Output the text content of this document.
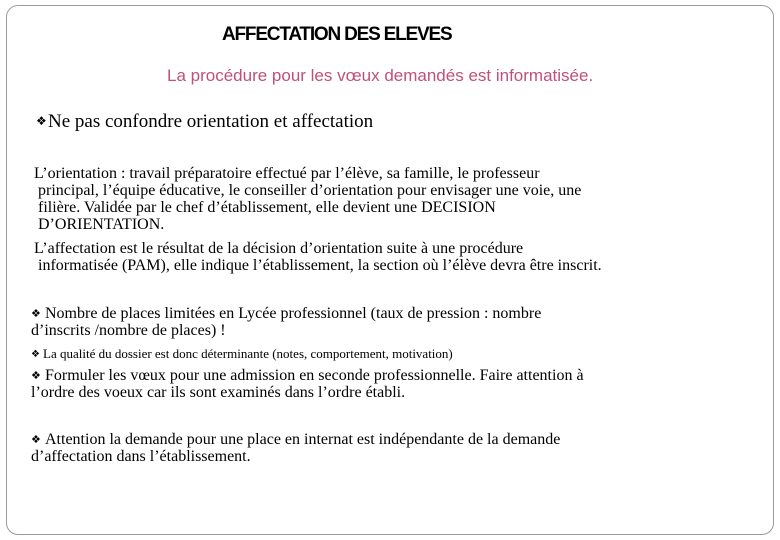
AFFECTATION DES ELEVES
La procédure pour les vœux demandés est informatisée.
❖Ne pas confondre orientation et affectation
L’orientation : travail préparatoire effectué par l’élève, sa famille, le professeur
principal, l’équipe éducative, le conseiller d’orientation pour envisager une voie, une
filière. Validée par le chef d’établissement, elle devient une DECISION
D’ORIENTATION.
L’affectation est le résultat de la décision d’orientation suite à une procédure
informatisée (PAM), elle indique l’établissement, la section où l’élève devra être inscrit.
❖ Nombre de places limitées en Lycée professionnel (taux de pression : nombre
d’inscrits /nombre de places) !
❖ La qualité du dossier est donc déterminante (notes, comportement, motivation)
❖ Formuler les vœux pour une admission en seconde professionnelle. Faire attention à
l’ordre des voeux car ils sont examinés dans l’ordre établi.
❖ Attention la demande pour une place en internat est indépendante de la demande
d’affectation dans l’établissement.
